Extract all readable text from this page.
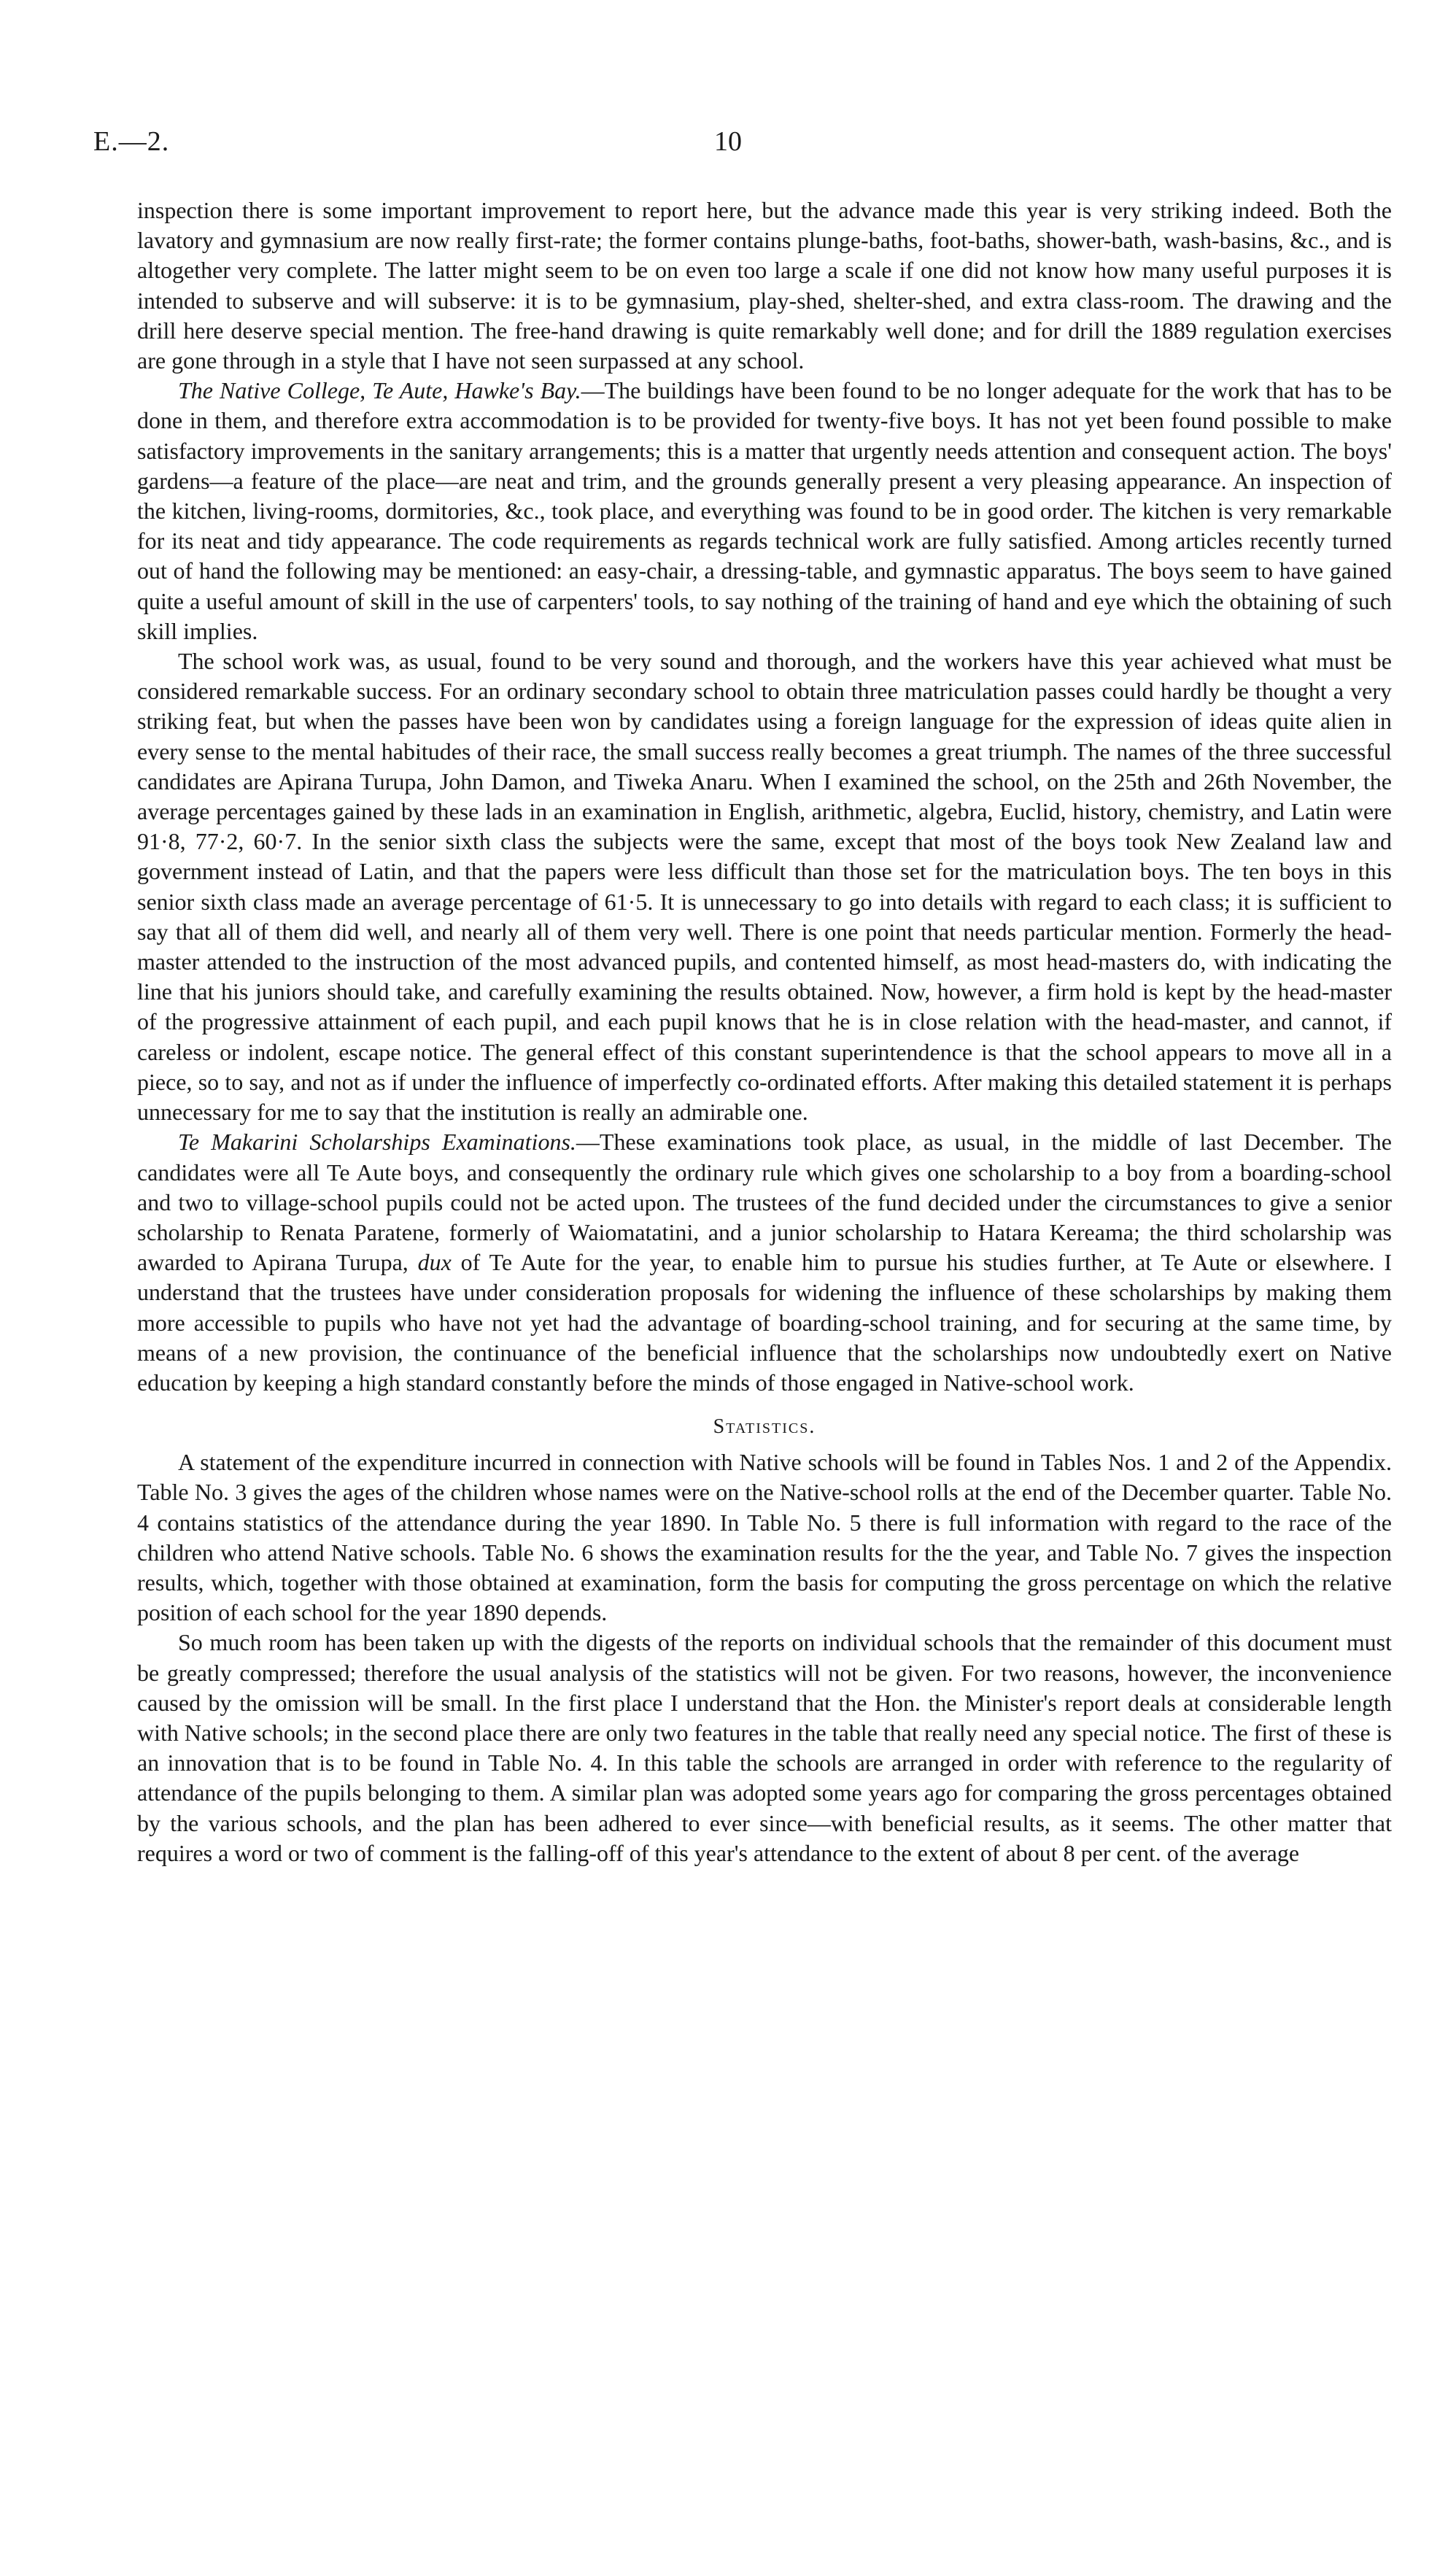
E.—2.	10

inspection there is some important improvement to report here, but the advance made this year is very striking indeed. Both the lavatory and gymnasium are now really first-rate; the former contains plunge-baths, foot-baths, shower-bath, wash-basins, &c., and is altogether very complete. The latter might seem to be on even too large a scale if one did not know how many useful purposes it is intended to subserve and will subserve: it is to be gymnasium, play-shed, shelter-shed, and extra class-room. The drawing and the drill here deserve special mention. The free-hand drawing is quite remarkably well done; and for drill the 1889 regulation exercises are gone through in a style that I have not seen surpassed at any school.

The Native College, Te Aute, Hawke's Bay.—The buildings have been found to be no longer adequate for the work that has to be done in them, and therefore extra accommodation is to be provided for twenty-five boys. It has not yet been found possible to make satisfactory improvements in the sanitary arrangements; this is a matter that urgently needs attention and consequent action. The boys' gardens—a feature of the place—are neat and trim, and the grounds generally present a very pleasing appearance. An inspection of the kitchen, living-rooms, dormitories, &c., took place, and everything was found to be in good order. The kitchen is very remarkable for its neat and tidy appearance. The code requirements as regards technical work are fully satisfied. Among articles recently turned out of hand the following may be mentioned: an easy-chair, a dressing-table, and gymnastic apparatus. The boys seem to have gained quite a useful amount of skill in the use of carpenters' tools, to say nothing of the training of hand and eye which the obtaining of such skill implies.

The school work was, as usual, found to be very sound and thorough, and the workers have this year achieved what must be considered remarkable success. For an ordinary secondary school to obtain three matriculation passes could hardly be thought a very striking feat, but when the passes have been won by candidates using a foreign language for the expression of ideas quite alien in every sense to the mental habitudes of their race, the small success really becomes a great triumph. The names of the three successful candidates are Apirana Turupa, John Damon, and Tiweka Anaru. When I examined the school, on the 25th and 26th November, the average percentages gained by these lads in an examination in English, arithmetic, algebra, Euclid, history, chemistry, and Latin were 91·8, 77·2, 60·7. In the senior sixth class the subjects were the same, except that most of the boys took New Zealand law and government instead of Latin, and that the papers were less difficult than those set for the matriculation boys. The ten boys in this senior sixth class made an average percentage of 61·5. It is unnecessary to go into details with regard to each class; it is sufficient to say that all of them did well, and nearly all of them very well. There is one point that needs particular mention. Formerly the head-master attended to the instruction of the most advanced pupils, and contented himself, as most head-masters do, with indicating the line that his juniors should take, and carefully examining the results obtained. Now, however, a firm hold is kept by the head-master of the progressive attainment of each pupil, and each pupil knows that he is in close relation with the head-master, and cannot, if careless or indolent, escape notice. The general effect of this constant superintendence is that the school appears to move all in a piece, so to say, and not as if under the influence of imperfectly co-ordinated efforts. After making this detailed statement it is perhaps unnecessary for me to say that the institution is really an admirable one.

Te Makarini Scholarships Examinations.—These examinations took place, as usual, in the middle of last December. The candidates were all Te Aute boys, and consequently the ordinary rule which gives one scholarship to a boy from a boarding-school and two to village-school pupils could not be acted upon. The trustees of the fund decided under the circumstances to give a senior scholarship to Renata Paratene, formerly of Waiomatatini, and a junior scholarship to Hatara Kereama; the third scholarship was awarded to Apirana Turupa, dux of Te Aute for the year, to enable him to pursue his studies further, at Te Aute or elsewhere. I understand that the trustees have under consideration proposals for widening the influence of these scholarships by making them more accessible to pupils who have not yet had the advantage of boarding-school training, and for securing at the same time, by means of a new provision, the continuance of the beneficial influence that the scholarships now undoubtedly exert on Native education by keeping a high standard constantly before the minds of those engaged in Native-school work.

Statistics.

A statement of the expenditure incurred in connection with Native schools will be found in Tables Nos. 1 and 2 of the Appendix. Table No. 3 gives the ages of the children whose names were on the Native-school rolls at the end of the December quarter. Table No. 4 contains statistics of the attendance during the year 1890. In Table No. 5 there is full information with regard to the race of the children who attend Native schools. Table No. 6 shows the examination results for the the year, and Table No. 7 gives the inspection results, which, together with those obtained at examination, form the basis for computing the gross percentage on which the relative position of each school for the year 1890 depends.

So much room has been taken up with the digests of the reports on individual schools that the remainder of this document must be greatly compressed; therefore the usual analysis of the statistics will not be given. For two reasons, however, the inconvenience caused by the omission will be small. In the first place I understand that the Hon. the Minister's report deals at considerable length with Native schools; in the second place there are only two features in the table that really need any special notice. The first of these is an innovation that is to be found in Table No. 4. In this table the schools are arranged in order with reference to the regularity of attendance of the pupils belonging to them. A similar plan was adopted some years ago for comparing the gross percentages obtained by the various schools, and the plan has been adhered to ever since—with beneficial results, as it seems. The other matter that requires a word or two of comment is the falling-off of this year's attendance to the extent of about 8 per cent. of the average
